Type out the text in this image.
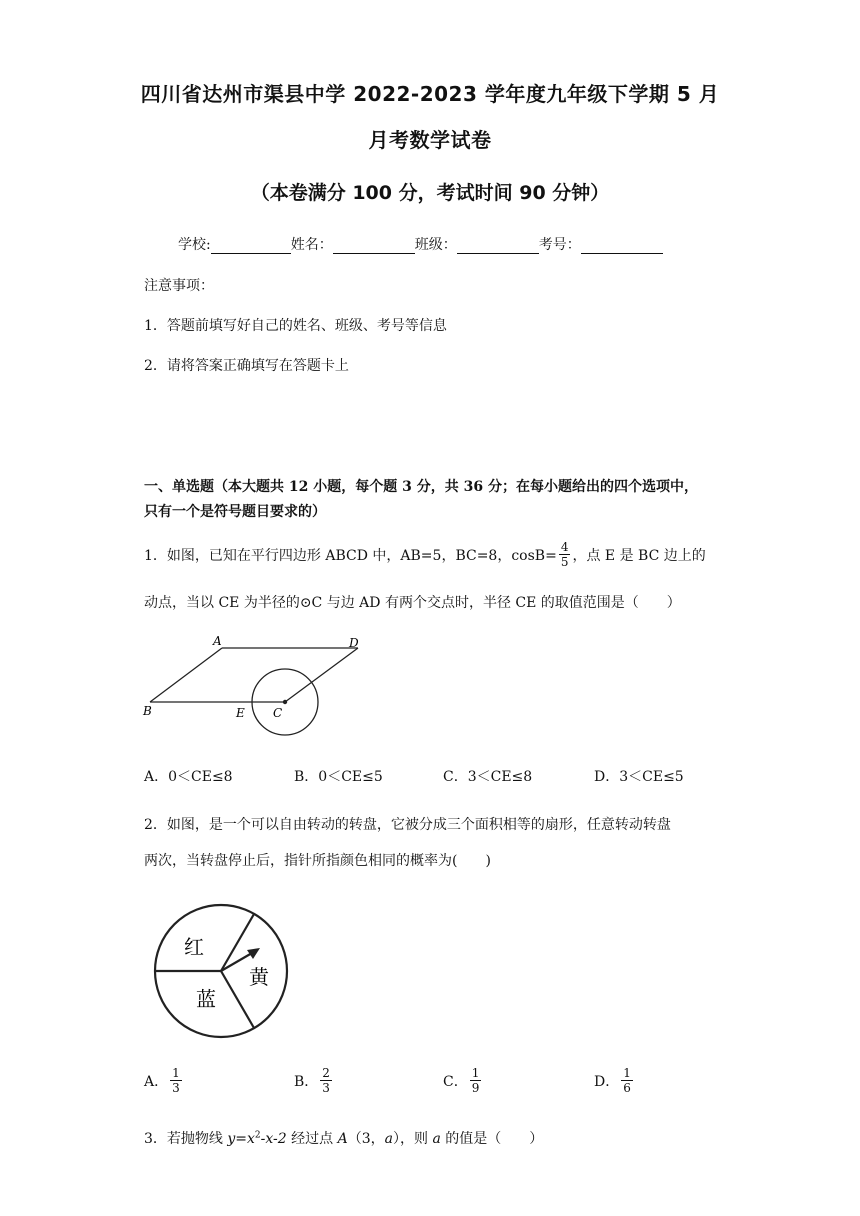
四川省达州市渠县中学 2022-2023 学年度九年级下学期 5 月
月考数学试卷
（本卷满分 100 分，考试时间 90 分钟）
学校:	姓名：	班级：	考号：
注意事项：
1．答题前填写好自己的姓名、班级、考号等信息
2．请将答案正确填写在答题卡上
一、单选题（本大题共 12 小题，每个题 3 分，共 36 分；在每小题给出的四个选项中，
只有一个是符号题目要求的）
1．如图，已知在平行四边形 ABCD 中，AB=5，BC=8，$\cos B= \frac{4}{5}$ ，点 E 是 BC 边上的
动点，当以 CE 为半径的⊙C 与边 AD 有两个交点时，半径 CE 的取值范围是（　　）
A	D
B	E C
A．0＜CE≤8	B．0＜CE≤5	C．3＜CE≤8	D．3＜CE≤5
2．如图，是一个可以自由转动的转盘，它被分成三个面积相等的扇形，任意转动转盘
两次，当转盘停止后，指针所指颜色相同的概率为(　　)
红
黄
蓝
A． $\frac{1}{3}$	B． $\frac{2}{3}$	C． $\frac{1}{9}$	D． $\frac{1}{6}$
3．若抛物线 $y=x^2-x-2$ 经过点 A（3，a），则 a 的值是（　　）
